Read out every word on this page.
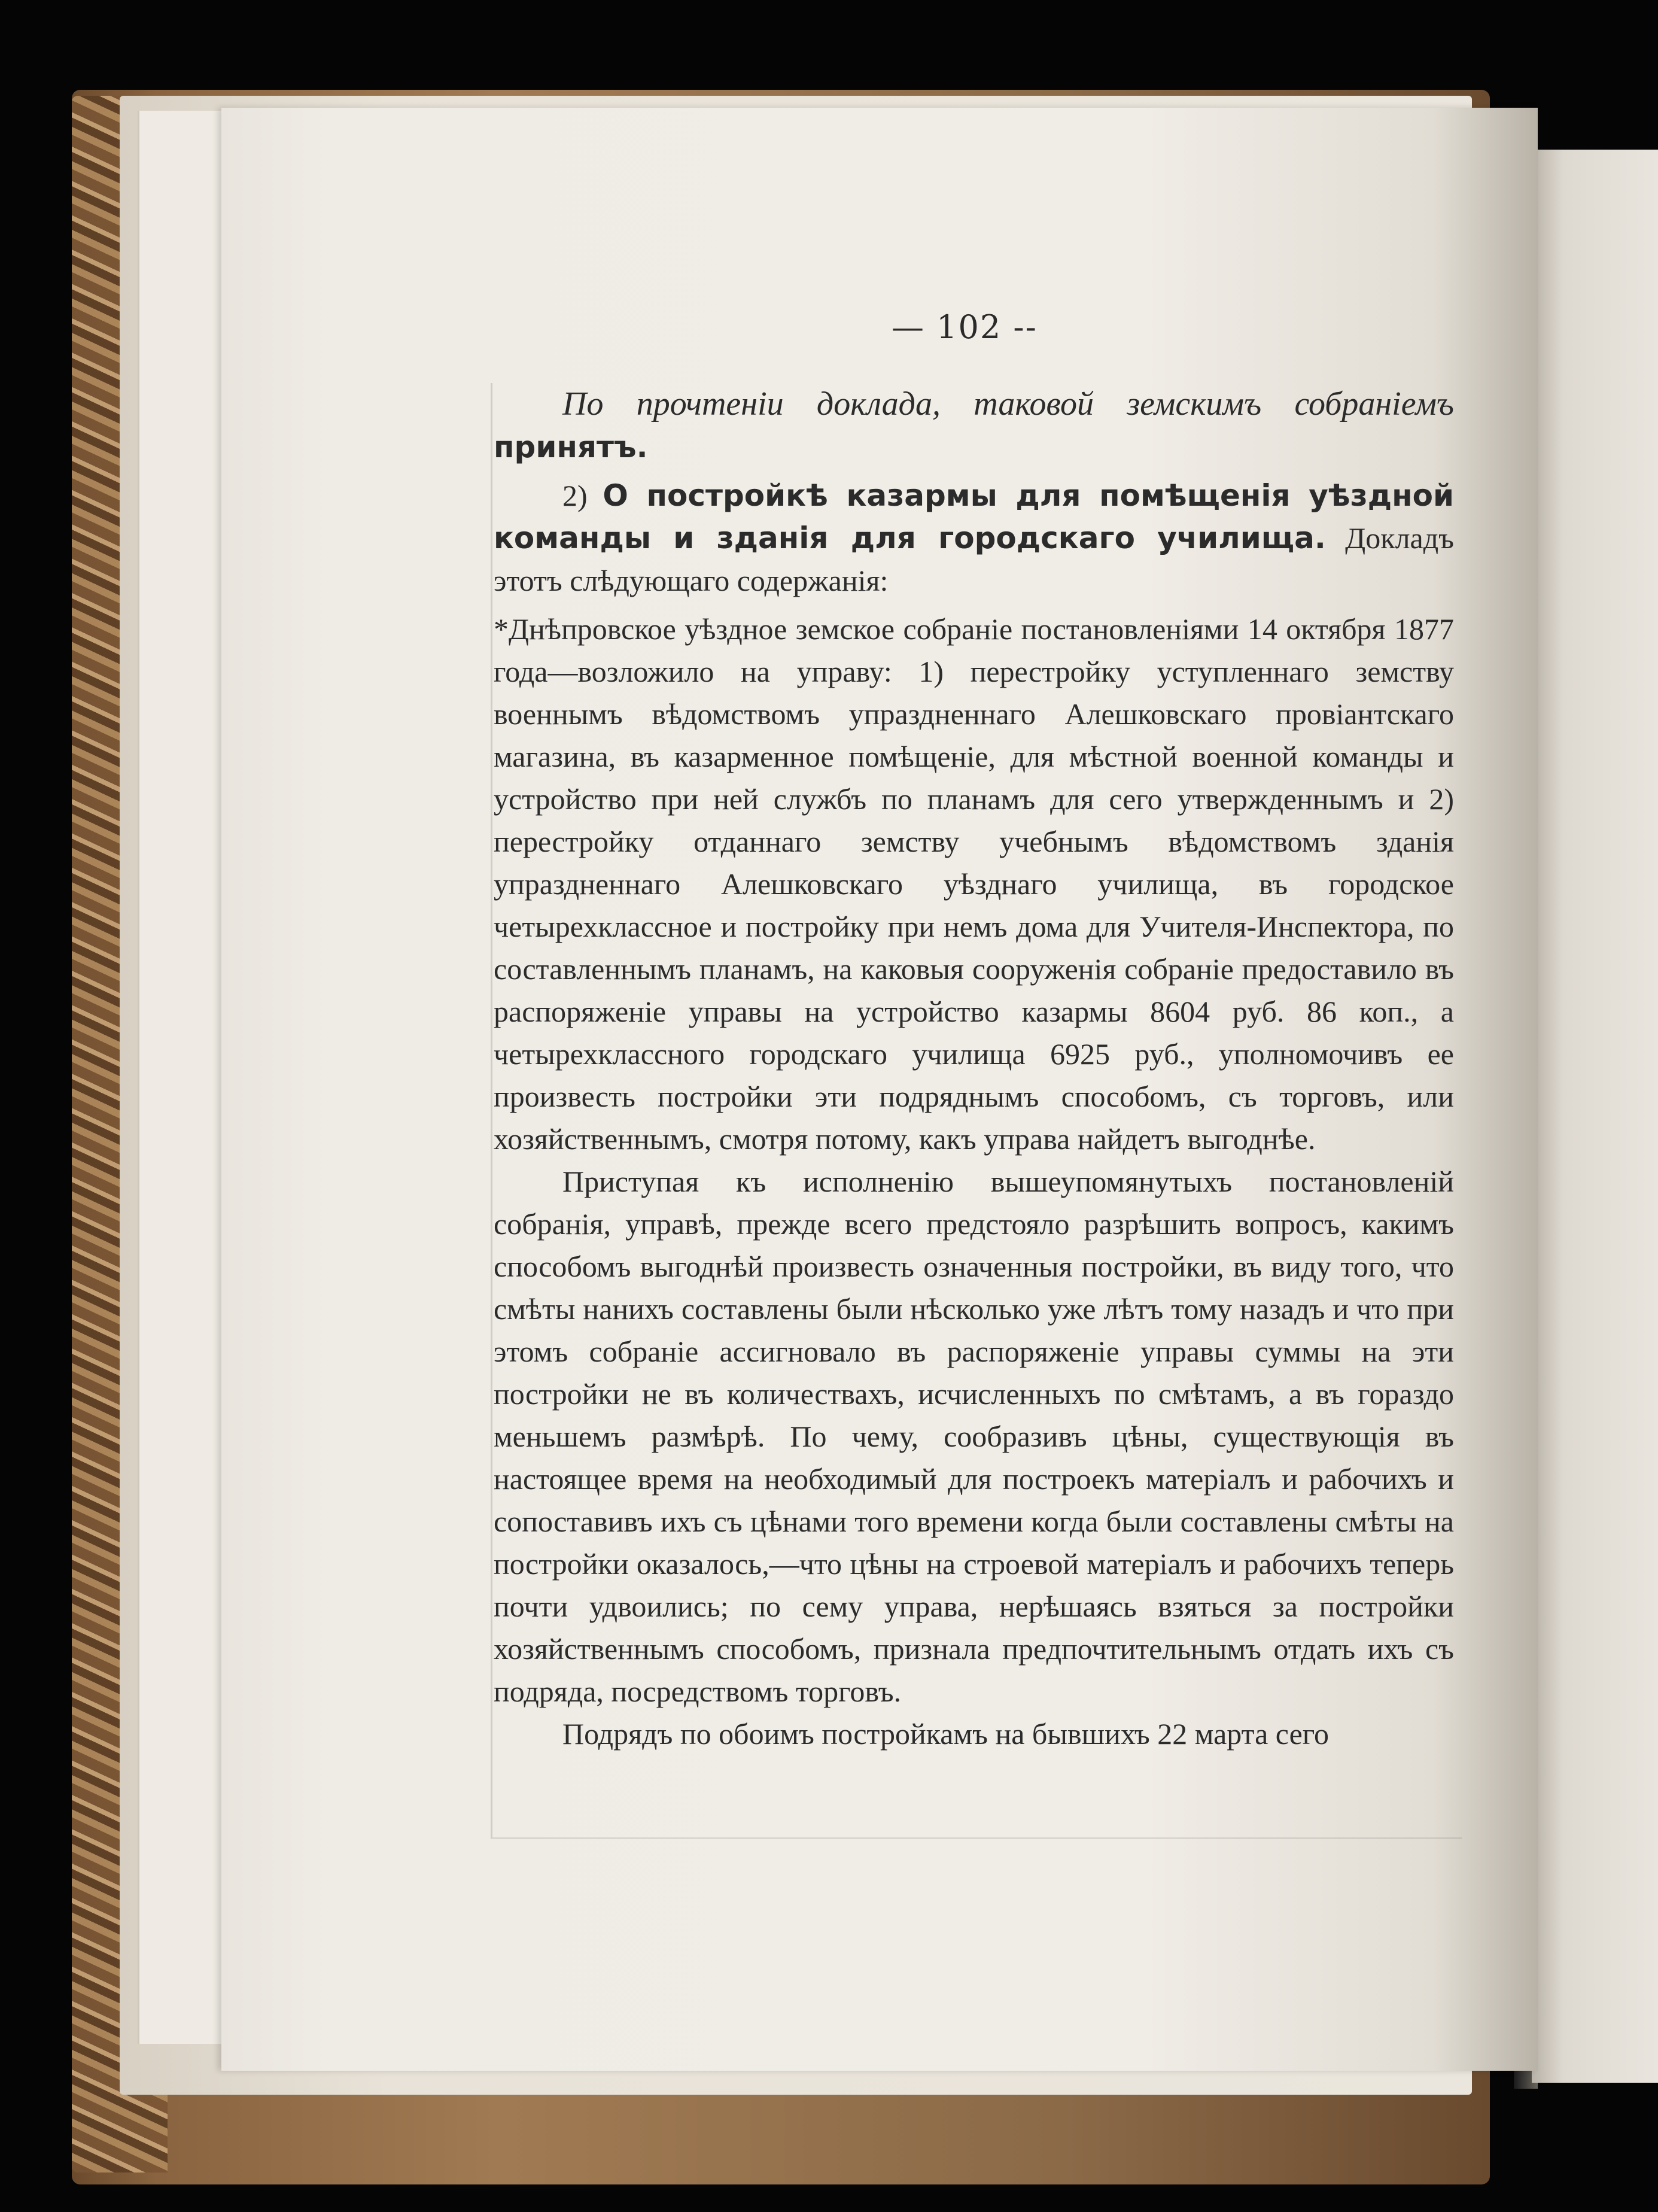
— 102 --

По прочтеніи доклада, таковой земскимъ собраніемъ принятъ.

2) О постройкѣ казармы для помѣщенія уѣздной команды и зданія для городскаго училища. Докладъ этотъ слѣдующаго содержанія:

*Днѣпровское уѣздное земское собраніе постановленіями 14 октября 1877 года—возложило на управу: 1) перестройку уступленнаго земству военнымъ вѣдомствомъ упраздненнаго Алешковскаго провіантскаго магазина, въ казарменное помѣщеніе, для мѣстной военной команды и устройство при ней службъ по планамъ для сего утвержденнымъ и 2) перестройку отданнаго земству учебнымъ вѣдомствомъ зданія упраздненнаго Алешковскаго уѣзднаго училища, въ городское четырехклассное и постройку при немъ дома для Учителя-Инспектора, по составленнымъ планамъ, на каковыя сооруженія собраніе предоставило въ распоряженіе управы на устройство казармы 8604 руб. 86 коп., а четырехклассного городскаго училища 6925 руб., уполномочивъ ее произвесть постройки эти подряднымъ способомъ, съ торговъ, или хозяйственнымъ, смотря потому, какъ управа найдетъ выгоднѣе.

Приступая къ исполненію вышеупомянутыхъ постановленій собранія, управѣ, прежде всего предстояло разрѣшить вопросъ, какимъ способомъ выгоднѣй произвесть означенныя постройки, въ виду того, что смѣты нанихъ составлены были нѣсколько уже лѣтъ тому назадъ и что при этомъ собраніе ассигновало въ распоряженіе управы суммы на эти постройки не въ количествахъ, исчисленныхъ по смѣтамъ, а въ гораздо меньшемъ размѣрѣ. По чему, сообразивъ цѣны, существующія въ настоящее время на необходимый для построекъ матеріалъ и рабочихъ и сопоставивъ ихъ съ цѣнами того времени когда были составлены смѣты на постройки оказалось,—что цѣны на строевой матеріалъ и рабочихъ теперь почти удвоились; по сему управа, нерѣшаясь взяться за постройки хозяйственнымъ способомъ, признала предпочтительнымъ отдать ихъ съ подряда, посредствомъ торговъ.

Подрядъ по обоимъ постройкамъ на бывшихъ 22 марта сего
